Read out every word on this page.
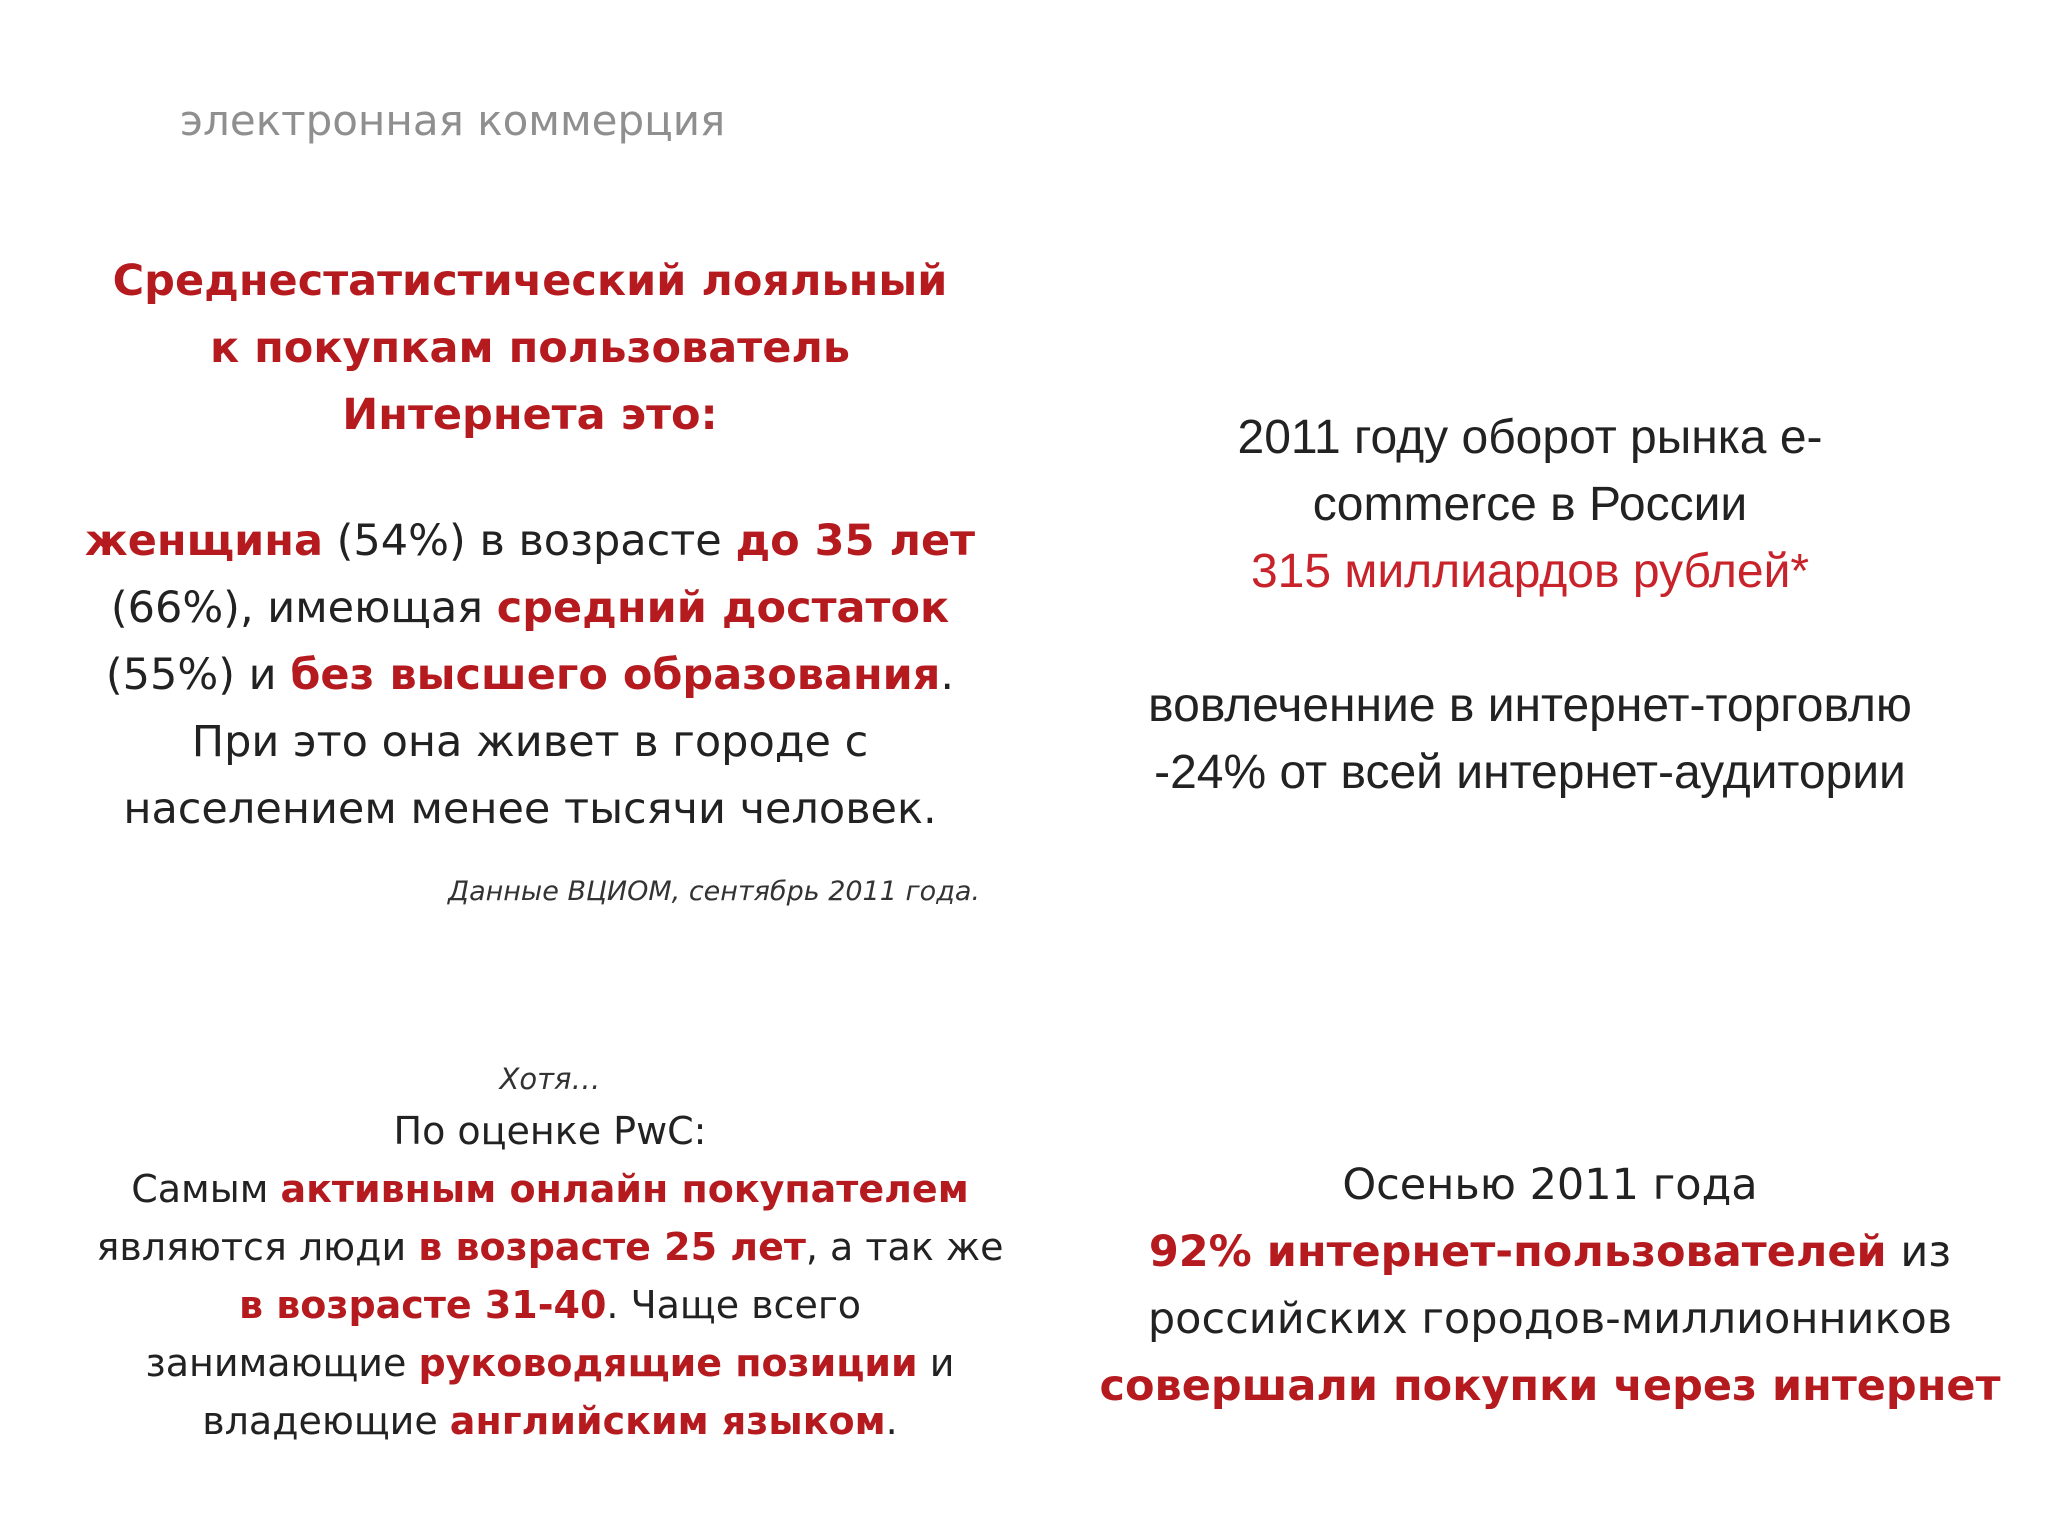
электронная коммерция
Среднестатистический лояльный
к покупкам пользователь
Интернета это:
женщина (54%) в возрасте до 35 лет
(66%), имеющая средний достаток
(55%) и без высшего образования.
При это она живет в городе с
населением менее тысячи человек.
Данные ВЦИОМ, сентябрь 2011 года.
2011 году оборот рынка e-
commerce в России
315 миллиардов рублей*
вовлеченние в интернет-торговлю
-24% от всей интернет-аудитории
Хотя…
По оценке PwC:
Самым активным онлайн покупателем
являются люди в возрасте 25 лет, а так же
в возрасте 31-40. Чаще всего
занимающие руководящие позиции и
владеющие английским языком.
Осенью 2011 года
92% интернет-пользователей из
российских городов-миллионников
совершали покупки через интернет
